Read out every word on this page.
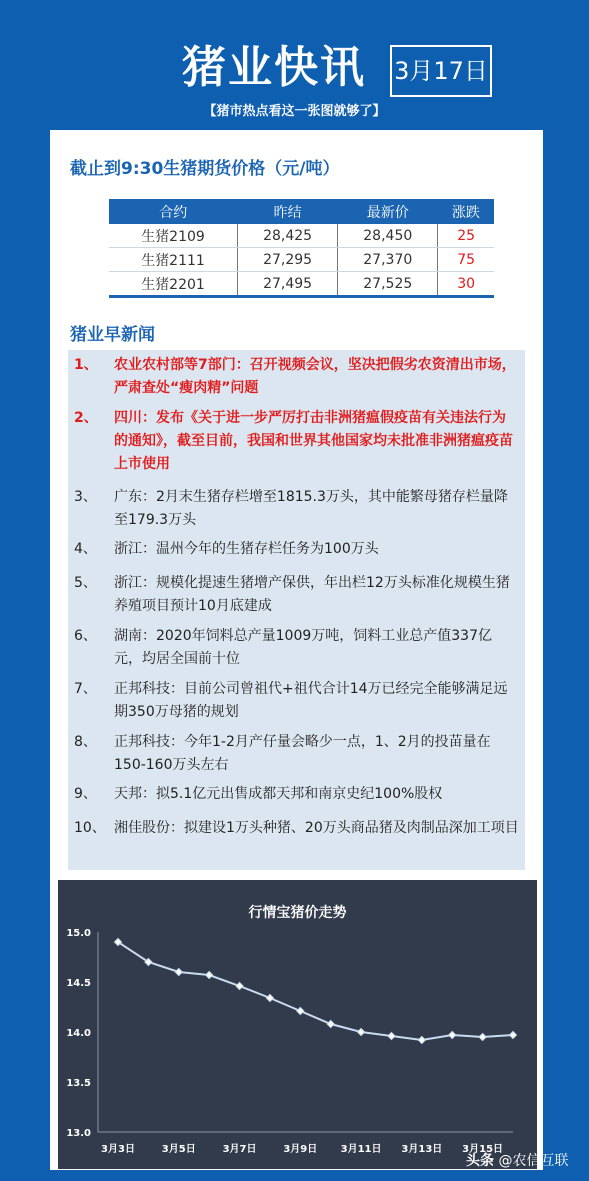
猪业快讯 3月17日
【猪市热点看这一张图就够了】
截止到9:30生猪期货价格（元/吨）
合约	昨结	最新价	涨跌
生猪2109	28,425	28,450	25
生猪2111	27,295	27,370	75
生猪2201	27,495	27,525	30
猪业早新闻
1、	农业农村部等7部门：召开视频会议，坚决把假劣农资清出市场，严肃查处“瘦肉精”问题
2、	四川：发布《关于进一步严厉打击非洲猪瘟假疫苗有关违法行为的通知》，截至目前，我国和世界其他国家均未批准非洲猪瘟疫苗上市使用
3、	广东：2月末生猪存栏增至1815.3万头，其中能繁母猪存栏量降至179.3万头
4、	浙江：温州今年的生猪存栏任务为100万头
5、	浙江：规模化提速生猪增产保供，年出栏12万头标准化规模生猪养殖项目预计10月底建成
6、	湖南：2020年饲料总产量1009万吨，饲料工业总产值337亿元，均居全国前十位
7、	正邦科技：目前公司曾祖代+祖代合计14万已经完全能够满足远期350万母猪的规划
8、	正邦科技：今年1-2月产仔量会略少一点，1、2月的投苗量在150-160万头左右
9、	天邦：拟5.1亿元出售成都天邦和南京史纪100%股权
10、 湘佳股份：拟建设1万头种猪、20万头商品猪及肉制品深加工项目
行情宝猪价走势
15.0
14.5
14.0
13.5
13.0
3月3日	3月5日	3月7日	3月9日 3月11日 3月13日 3月15日
头条 @农信互联
